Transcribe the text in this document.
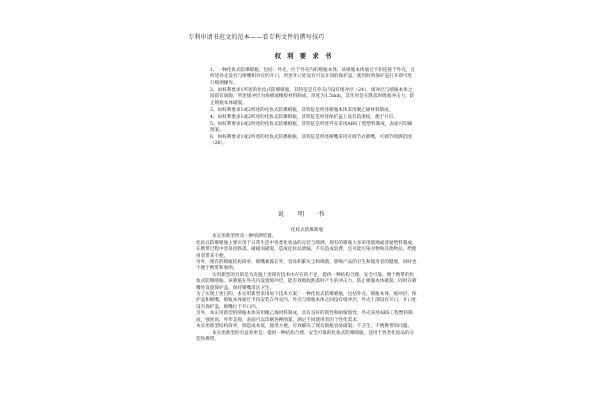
专利申请书范文的范本——看专利文件的撰写技巧
权 利 要 求 书

1、一种化妆式防爆喷瓶，包括：外壳，位于外壳内的喷瓶本体，该喷瓶本体通过卡扣连接于外壳，且所述外壳设有与喷嘴相对应的开口，所述开口处设有可以开闭的保护盖，使用时将保护盖打开即可进行喷洒操作。

2、如权利要求1所述的化妆式防爆喷瓶，其特征是在外壳内设有缓冲层（24），缓冲层与喷瓶本体之间留有间隙，所述缓冲层为海绵或橡胶材料制成，厚度为1.5mm，其作用是在跌落时吸收冲击力，防止喷瓶本体破裂。

3、如权利要求1或2所述的化妆式防爆喷瓶，其特征是所述喷瓶本体采用聚乙烯材料制成。

4、如权利要求1或2所述的化妆式防爆喷瓶，其特征是所述保护盖上设有防滑纹，便于开启。

5、如权利要求1或2所述的化妆式防爆喷瓶，其特征是所述外壳采用ABS工程塑料制成，表面可印刷图案。

6、如权利要求1或2所述的化妆式防爆喷瓶，其特征是所述喷嘴采用可调节式喷嘴，可调节喷洒范围（26）。

说 明 书

化妆式防爆喷瓶

本实用新型涉及一种喷洒装置。

化妆式防爆喷瓶主要应用于日常生活中各类化妆品的分装与喷洒，现有的喷瓶大多采用玻璃或普通塑料制成，在携带过程中容易因跌落、碰撞而破裂，造成化妆品泄漏，不仅造成浪费，还可能污染衣物和其他物品，给使用者带来不便。

另外，现有的喷瓶结构简单，喷嘴暴露在外，容易积累灰尘和细菌，影响产品的卫生和使用者的健康，同时也不便于携带和收纳。

实用新型的目的是为克服上述现有技术中存在的不足，提供一种结构合理、安全可靠、便于携带的化妆式防爆喷瓶。该喷瓶在外壳内设置缓冲层，能有效吸收跌落时产生的冲击力，防止喷瓶本体破裂；同时在喷嘴处设置保护盖，保持喷嘴清洁卫生。

为了实现上述目的，本实用新型采用如下技术方案：一种化妆式防爆喷瓶，包括外壳、喷瓶本体、缓冲层、保护盖和喷嘴，喷瓶本体通过卡扣安装在外壳内，外壳与喷瓶本体之间设有缓冲层，外壳上部设有开口，开口处设有保护盖，喷嘴位于开口内。

另外，本实用新型的喷瓶本体采用聚乙烯材料制成，具有良好的韧性和耐腐蚀性；外壳采用ABS工程塑料制成，强度高、外形美观，表面可以印刷各种图案，满足不同使用者的个性化需求。

本实用新型结构简单，制造成本低，使用方便，有效解决了现有喷瓶容易破裂、不卫生、不便携带的问题。

本实用新型的有益效果是：提供一种结构合理、安全可靠的化妆式防爆喷瓶，适用于各类化妆品的分装和携带。
